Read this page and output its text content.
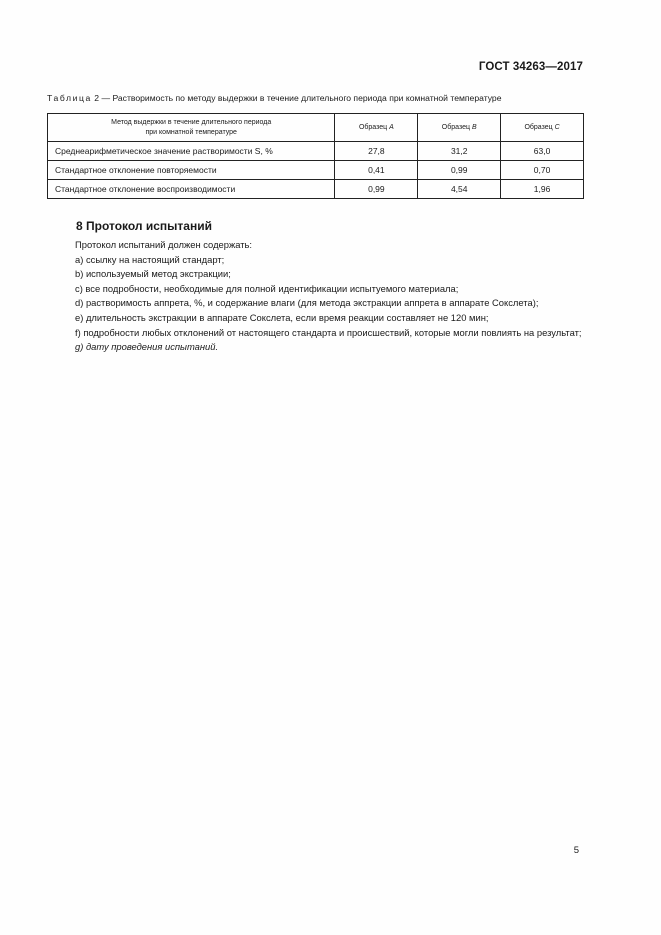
ГОСТ 34263—2017
Таблица 2 — Растворимость по методу выдержки в течение длительного периода при комнатной температуре
Метод выдержки в течение длительного периода
при комнатной температуре	Образец A	Образец B	Образец C
Среднеарифметическое значение растворимости S, %	27,8	31,2	63,0
Стандартное отклонение повторяемости	0,41	0,99	0,70
Стандартное отклонение воспроизводимости	0,99	4,54	1,96
8 Протокол испытаний

Протокол испытаний должен содержать:

a) ссылку на настоящий стандарт;

b) используемый метод экстракции;

c) все подробности, необходимые для полной идентификации испытуемого материала;

d) растворимость аппрета, %, и содержание влаги (для метода экстракции аппрета в аппарате Сокслета);

e) длительность экстракции в аппарате Сокслета, если время реакции составляет не 120 мин;

f) подробности любых отклонений от настоящего стандарта и происшествий, которые могли повлиять на результат;

g) дату проведения испытаний.

5
